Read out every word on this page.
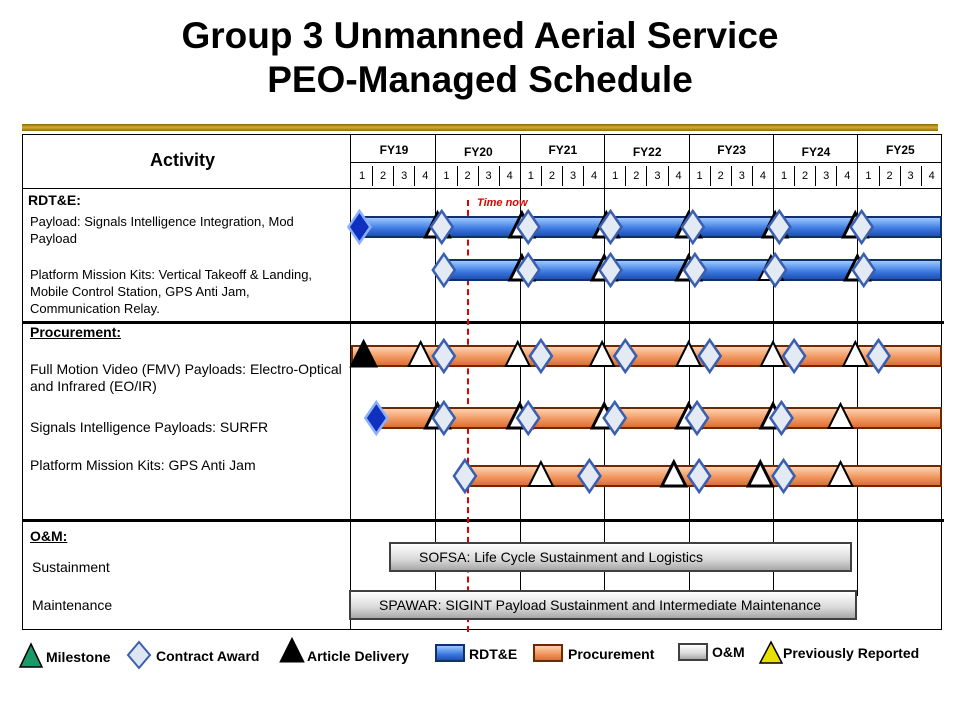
Group 3 Unmanned Aerial Service
PEO-Managed Schedule
Activity
RDT&E:
Payload: Signals Intelligence Integration, Mod Payload
Platform Mission Kits: Vertical Takeoff & Landing, Mobile Control Station, GPS Anti Jam, Communication Relay.
Procurement:
Full Motion Video (FMV) Payloads: Electro-Optical and Infrared (EO/IR)
Signals Intelligence Payloads: SURFR
Platform Mission Kits: GPS Anti Jam
O&M:
Sustainment
Maintenance
FY19
1	2	3	4
FY20
1	2	3	4
FY21
1	2	3	4
FY22
1	2	3	4
FY23
1	2	3	4
FY24
1	2	3	4
FY25
1	2	3	4
Time now
SOFSA: Life Cycle Sustainment and Logistics
SPAWAR: SIGINT Payload Sustainment and Intermediate Maintenance
Milestone	Contract Award	Article Delivery	RDT&E	Procurement	O&M	Previously Reported
